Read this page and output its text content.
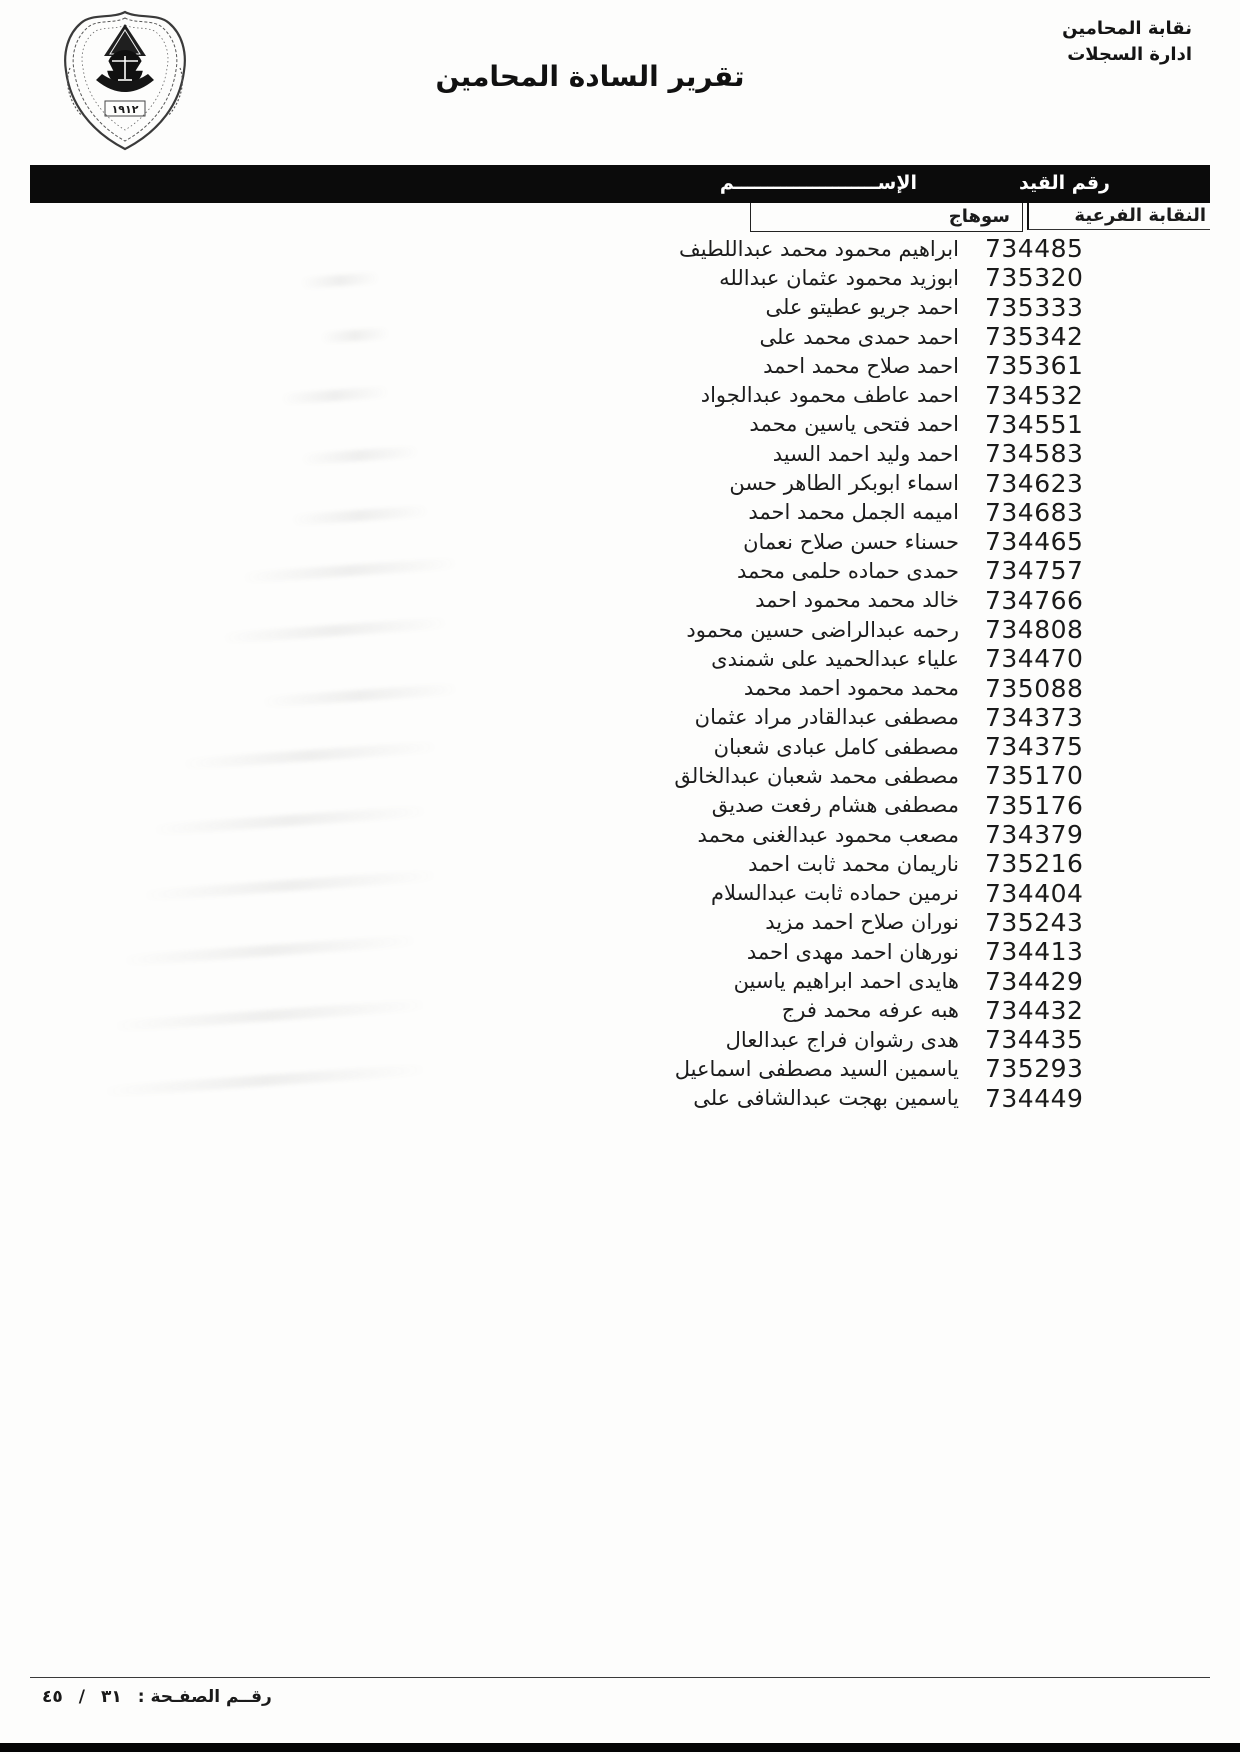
١٩١٢
نقابة المحامين
ادارة السجلات
تقرير السادة المحامين
رقم القيد
الإســــــــــــــــــــــم
النقابة الفرعية
سوهاج
ابراهيم محمود محمد عبداللطيف 734485
ابوزيد محمود عثمان عبدالله 735320
احمد جريو عطيتو على 735333
احمد حمدى محمد على 735342
احمد صلاح محمد احمد 735361
احمد عاطف محمود عبدالجواد 734532
احمد فتحى ياسين محمد 734551
احمد وليد احمد السيد 734583
اسماء ابوبكر الطاهر حسن 734623
اميمه الجمل محمد احمد 734683
حسناء حسن صلاح نعمان 734465
حمدى حماده حلمى محمد 734757
خالد محمد محمود احمد 734766
رحمه عبدالراضى حسين محمود 734808
علياء عبدالحميد على شمندى 734470
محمد محمود احمد محمد 735088
مصطفى عبدالقادر مراد عثمان 734373
مصطفى كامل عبادى شعبان 734375
مصطفى محمد شعبان عبدالخالق 735170
مصطفى هشام رفعت صديق 735176
مصعب محمود عبدالغنى محمد 734379
ناريمان محمد ثابت احمد 735216
نرمين حماده ثابت عبدالسلام 734404
نوران صلاح احمد مزيد 735243
نورهان احمد مهدى احمد 734413
هايدى احمد ابراهيم ياسين 734429
هبه عرفه محمد فرج 734432
هدى رشوان فراج عبدالعال 734435
ياسمين السيد مصطفى اسماعيل 735293
ياسمين بهجت عبدالشافى على 734449
٤٥ / ٣١ رقــم الصفـحة :
